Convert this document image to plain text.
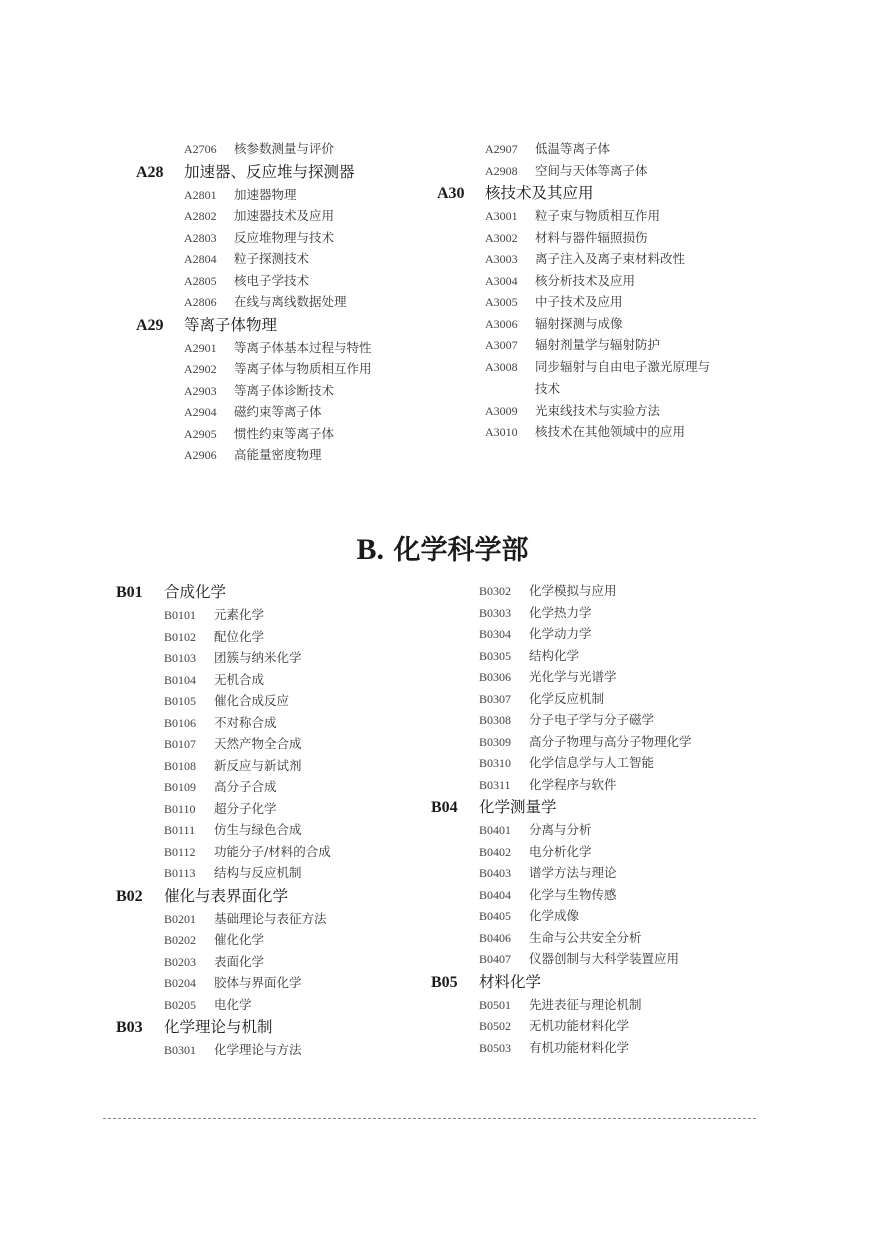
A2706 核参数测量与评价
A28 加速器、反应堆与探测器
A2801 加速器物理
A2802 加速器技术及应用
A2803 反应堆物理与技术
A2804 粒子探测技术
A2805 核电子学技术
A2806 在线与离线数据处理
A29 等离子体物理
A2901 等离子体基本过程与特性
A2902 等离子体与物质相互作用
A2903 等离子体诊断技术
A2904 磁约束等离子体
A2905 惯性约束等离子体
A2906 高能量密度物理
A2907 低温等离子体
A2908 空间与天体等离子体
A30 核技术及其应用
A3001 粒子束与物质相互作用
A3002 材料与器件辐照损伤
A3003 离子注入及离子束材料改性
A3004 核分析技术及应用
A3005 中子技术及应用
A3006 辐射探测与成像
A3007 辐射剂量学与辐射防护
A3008 同步辐射与自由电子激光原理与
技术
A3009 光束线技术与实验方法
A3010 核技术在其他领域中的应用
B. 化学科学部
B01 合成化学
B0101 元素化学
B0102 配位化学
B0103 团簇与纳米化学
B0104 无机合成
B0105 催化合成反应
B0106 不对称合成
B0107 天然产物全合成
B0108 新反应与新试剂
B0109 高分子合成
B0110 超分子化学
B0111 仿生与绿色合成
B0112 功能分子/材料的合成
B0113 结构与反应机制
B02 催化与表界面化学
B0201 基础理论与表征方法
B0202 催化化学
B0203 表面化学
B0204 胶体与界面化学
B0205 电化学
B03 化学理论与机制
B0301 化学理论与方法
B0302 化学模拟与应用
B0303 化学热力学
B0304 化学动力学
B0305 结构化学
B0306 光化学与光谱学
B0307 化学反应机制
B0308 分子电子学与分子磁学
B0309 高分子物理与高分子物理化学
B0310 化学信息学与人工智能
B0311 化学程序与软件
B04 化学测量学
B0401 分离与分析
B0402 电分析化学
B0403 谱学方法与理论
B0404 化学与生物传感
B0405 化学成像
B0406 生命与公共安全分析
B0407 仪器创制与大科学装置应用
B05 材料化学
B0501 先进表征与理论机制
B0502 无机功能材料化学
B0503 有机功能材料化学
